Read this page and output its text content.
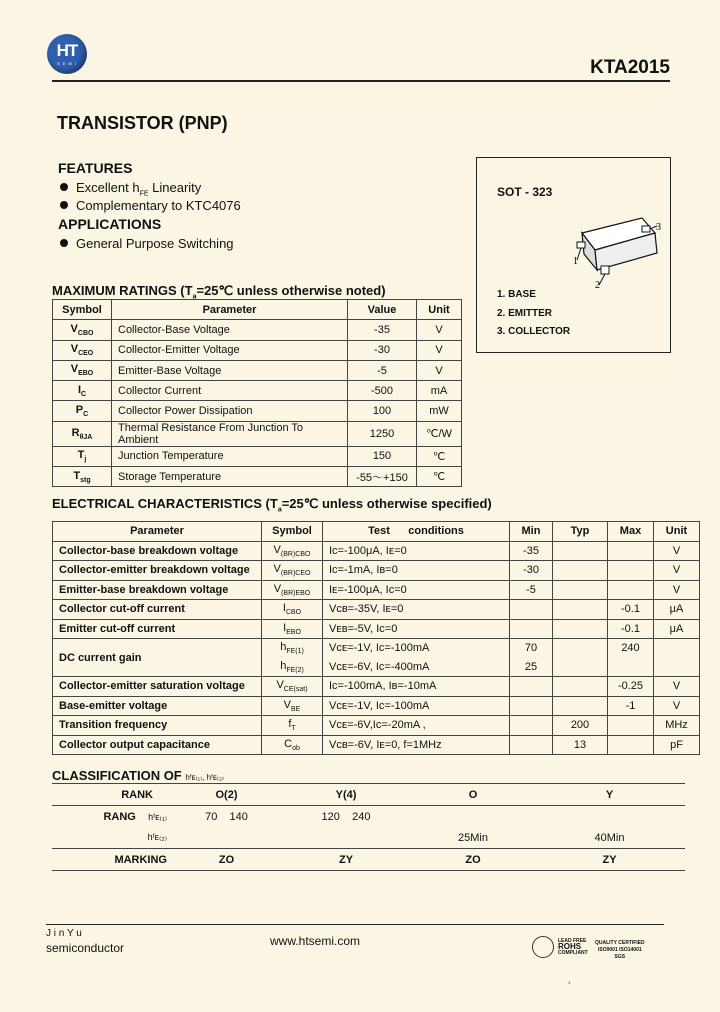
HT
S E M I	KTA2015
TRANSISTOR (PNP)
FEATURES
Excellent $h_{FE}$ Linearity
Complementary to KTC4076
APPLICATIONS
General Purpose Switching
SOT - 323
1
2
3
1. BASE
2. EMITTER
3. COLLECTOR
MAXIMUM RATINGS ($T_a=25℃$ unless otherwise noted)
Symbol	Parameter	Value	Unit
$V_{CBO}$	Collector-Base Voltage	-35	V
$V_{CEO}$	Collector-Emitter Voltage	-30	V
$V_{EBO}$	Emitter-Base Voltage	-5	V
$I_C$	Collector Current	-500	mA
$P_C$	Collector Power Dissipation	100	mW
$R_{\theta JA}$	Thermal Resistance From Junction To Ambient	1250	℃/W
$T_j$	Junction Temperature	150	℃
$T_{stg}$	Storage Temperature	-55～+150	℃
ELECTRICAL CHARACTERISTICS ($T_a=25℃$ unless otherwise specified)
Parameter	Symbol	Test      conditions	Min	Typ	Max	Unit
Collector-base breakdown voltage	$V_{(BR)CBO}$	Iᴄ=-100μA, Iᴇ=0	-35			V
Collector-emitter breakdown voltage	$V_{(BR)CEO}$	Iᴄ=-1mA, Iʙ=0	-30			V
Emitter-base breakdown voltage	$V_{(BR)EBO}$	Iᴇ=-100μA, Iᴄ=0	-5			V
Collector cut-off current	$I_{CBO}$	Vᴄʙ=-35V, Iᴇ=0			-0.1	μA
Emitter cut-off current	$I_{EBO}$	Vᴇʙ=-5V, Iᴄ=0			-0.1	μA
DC current gain	$h_{FE(1)}$	Vᴄᴇ=-1V, Iᴄ=-100mA	70		240	
	$h_{FE(2)}$	Vᴄᴇ=-6V, Iᴄ=-400mA	25			
Collector-emitter saturation voltage	$V_{CE(sat)}$	Iᴄ=-100mA, Iʙ=-10mA			-0.25	V
Base-emitter voltage	$V_{BE}$	Vᴄᴇ=-1V, Iᴄ=-100mA			-1	V
Transition frequency	$f_T$	Vᴄᴇ=-6V,Iᴄ=-20mA ,		200		MHz
Collector output capacitance	$C_{ob}$	Vᴄʙ=-6V, Iᴇ=0, f=1MHz		13		pF
CLASSIFICATION OF hᶠᴇ₍₁₎, hᶠᴇ₍₂₎
RANK	O(2)	Y(4)	O	Y
RANG hᶠᴇ₍₁₎	70    140	120    240		
hᶠᴇ₍₂₎			25Min	40Min
MARKING	ZO	ZY	ZO	ZY
J i n Y u
semiconductor	www.htsemi.com	LEAD FREE
ROHS
COMPLIANT
QUALITY CERTIFIED
ISO9001 ISO14001
SGS
1
